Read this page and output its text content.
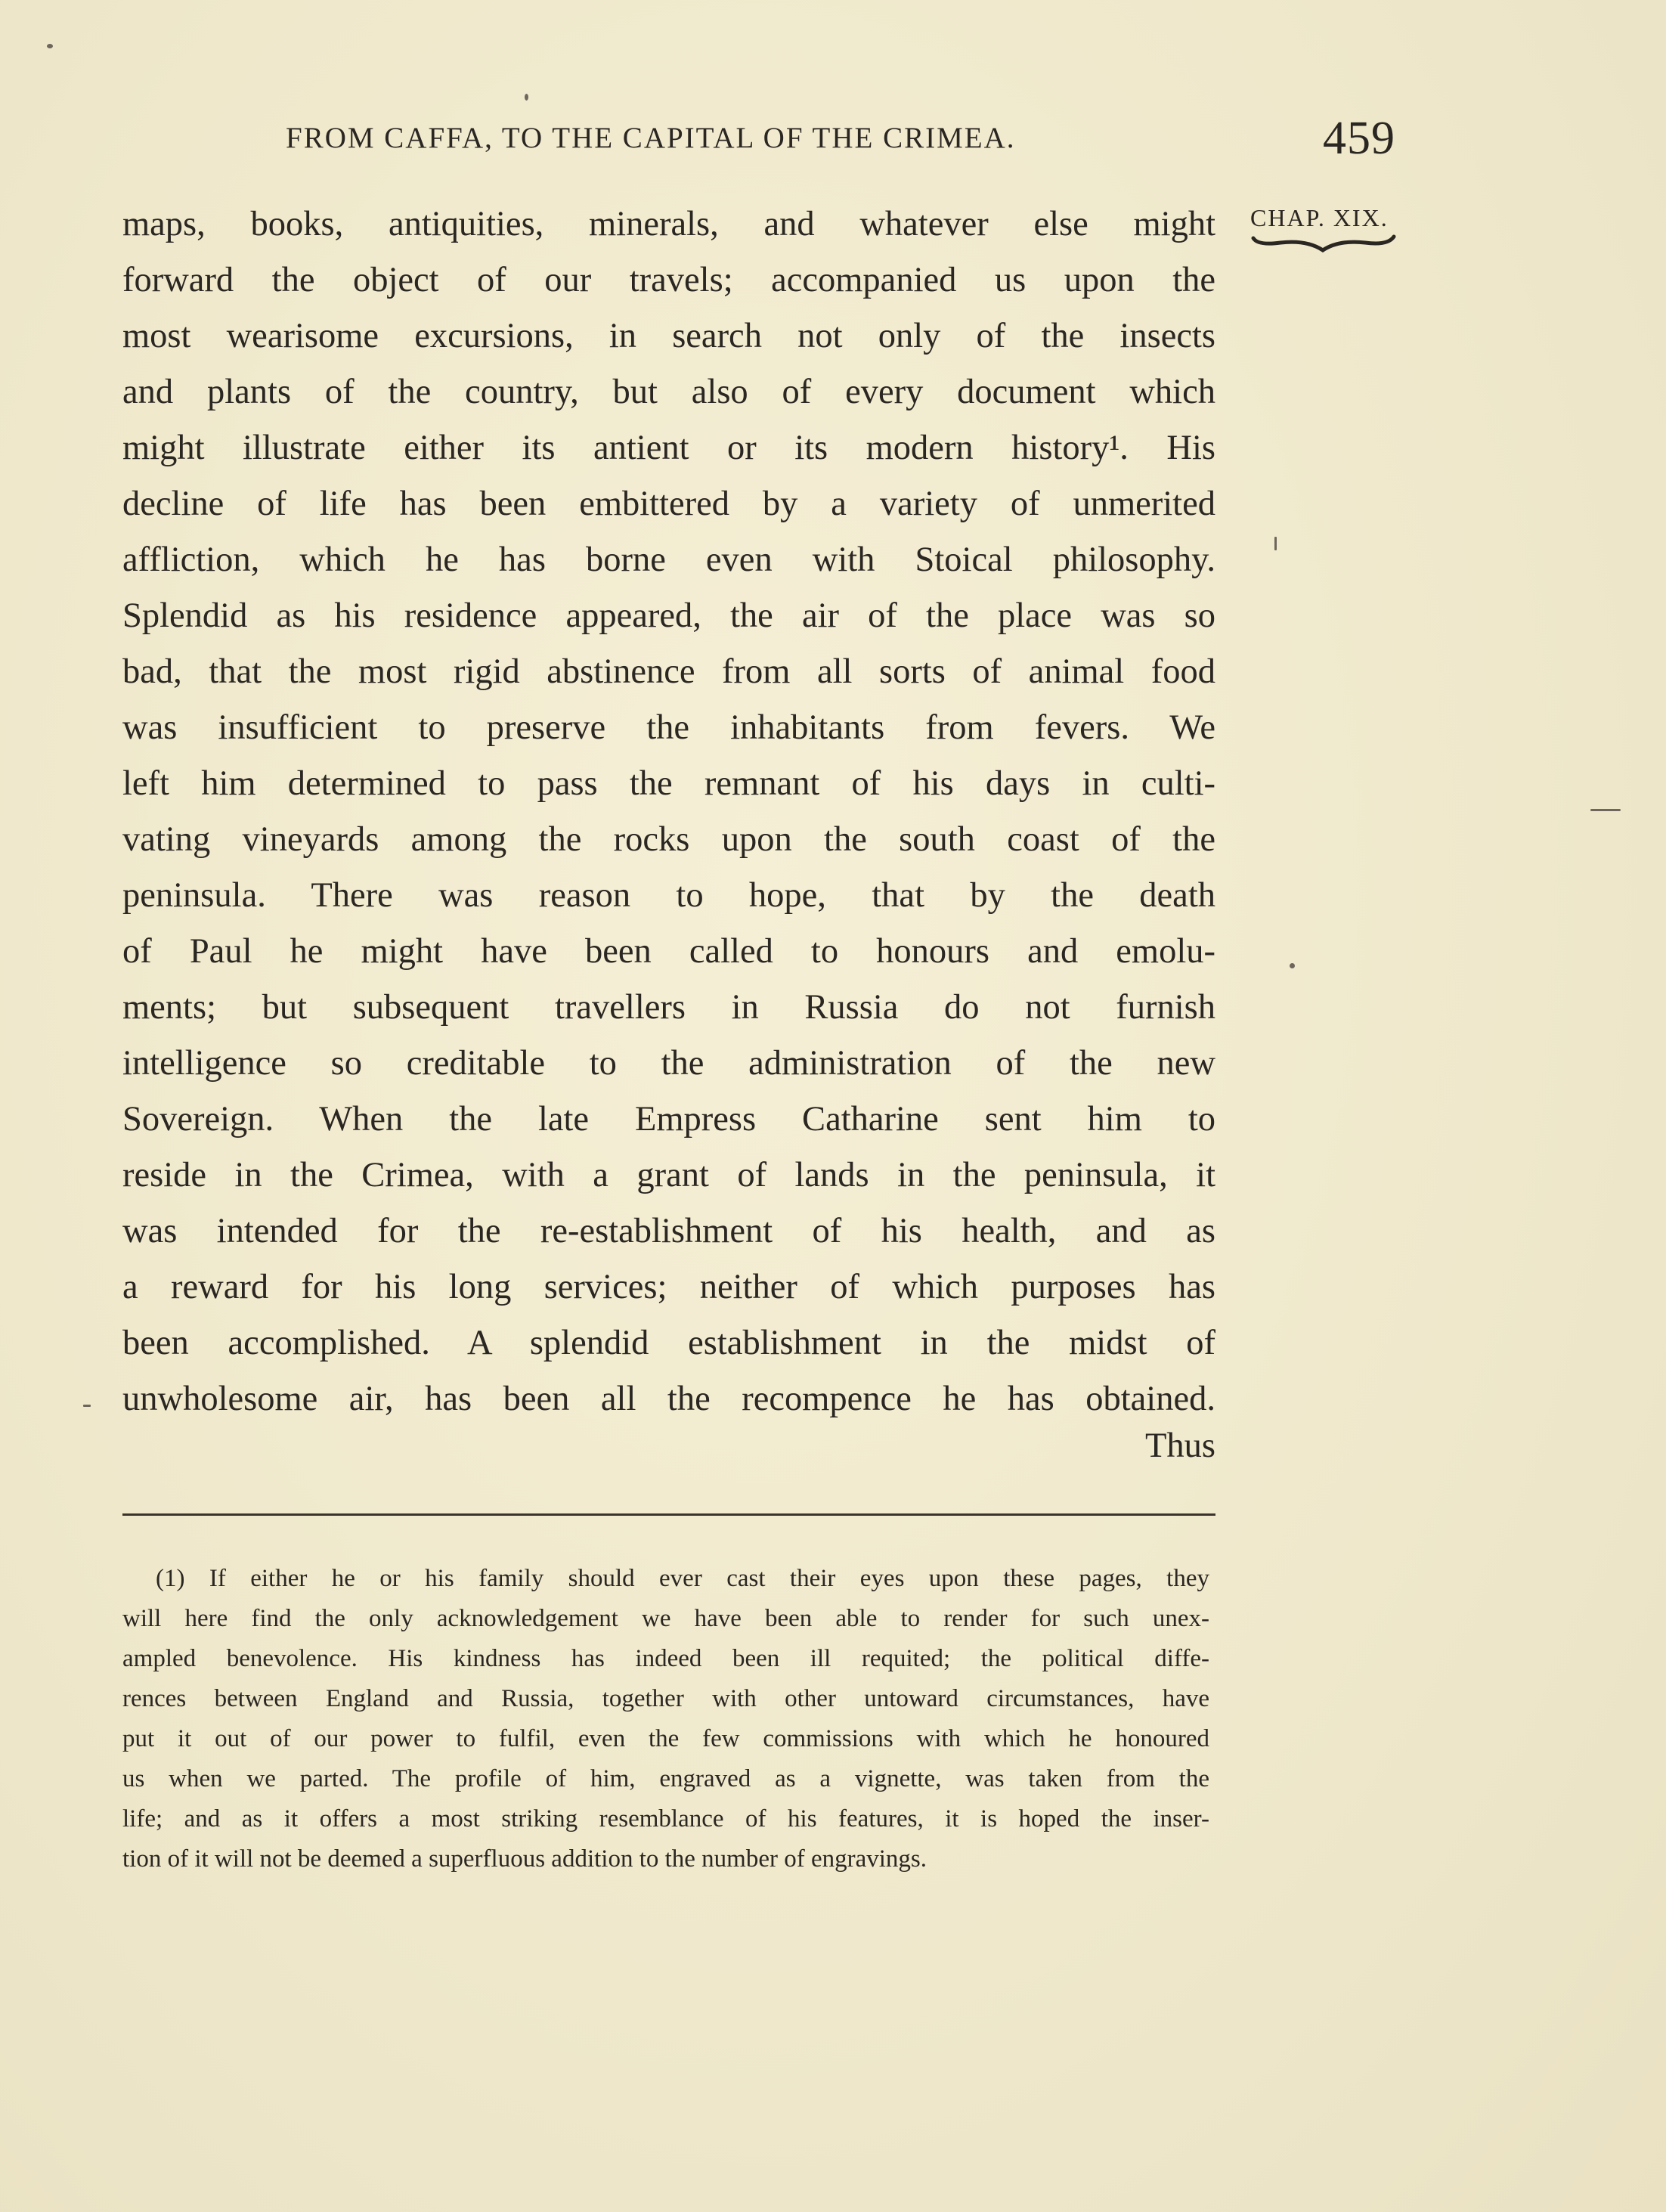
FROM CAFFA, TO THE CAPITAL OF THE CRIMEA.	459
CHAP. XIX.
maps, books, antiquities, minerals, and whatever else might
forward the object of our travels; accompanied us upon the
most wearisome excursions, in search not only of the insects
and plants of the country, but also of every document which
might illustrate either its antient or its modern history¹. His
decline of life has been embittered by a variety of unmerited
affliction, which he has borne even with Stoical philosophy.
Splendid as his residence appeared, the air of the place was so
bad, that the most rigid abstinence from all sorts of animal food
was insufficient to preserve the inhabitants from fevers. We
left him determined to pass the remnant of his days in culti-
vating vineyards among the rocks upon the south coast of the
peninsula. There was reason to hope, that by the death
of Paul he might have been called to honours and emolu-
ments; but subsequent travellers in Russia do not furnish
intelligence so creditable to the administration of the new
Sovereign. When the late Empress Catharine sent him to
reside in the Crimea, with a grant of lands in the peninsula, it
was intended for the re-establishment of his health, and as
a reward for his long services; neither of which purposes has
been accomplished. A splendid establishment in the midst of
unwholesome air, has been all the recompence he has obtained.
Thus
(1) If either he or his family should ever cast their eyes upon these pages, they
will here find the only acknowledgement we have been able to render for such unex-
ampled benevolence. His kindness has indeed been ill requited; the political diffe-
rences between England and Russia, together with other untoward circumstances, have
put it out of our power to fulfil, even the few commissions with which he honoured
us when we parted. The profile of him, engraved as a vignette, was taken from the
life; and as it offers a most striking resemblance of his features, it is hoped the inser-
tion of it will not be deemed a superfluous addition to the number of engravings.
